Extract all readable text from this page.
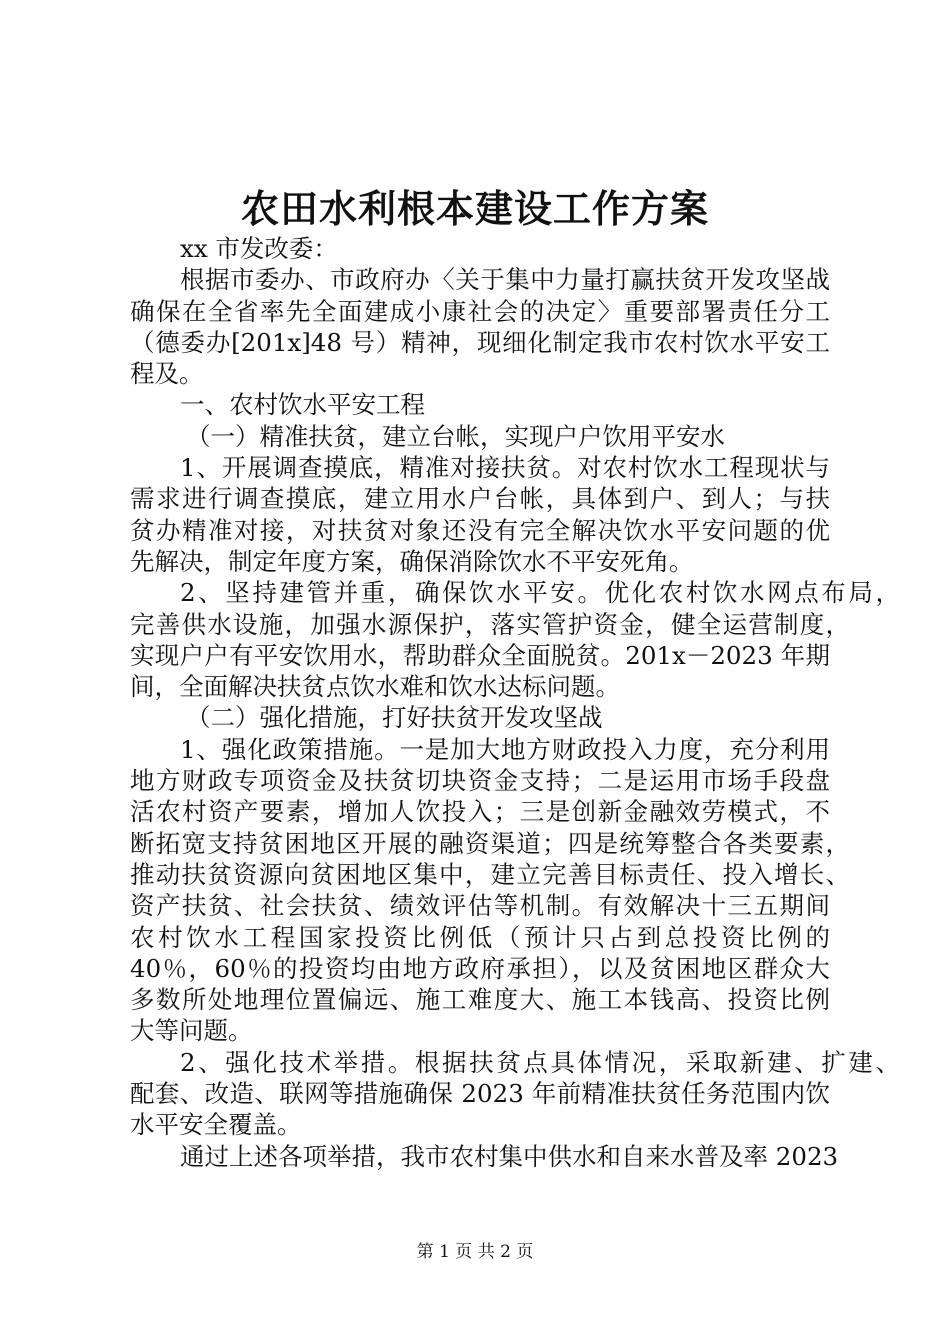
农田水利根本建设工作方案
xx 市发改委：
根据市委办、市政府办〈关于集中力量打赢扶贫开发攻坚战
确保在全省率先全面建成小康社会的决定〉重要部署责任分工
（德委办[201x]48 号）精神，现细化制定我市农村饮水平安工
程及。
一、农村饮水平安工程
（一）精准扶贫，建立台帐，实现户户饮用平安水
1、开展调查摸底，精准对接扶贫。对农村饮水工程现状与
需求进行调查摸底，建立用水户台帐，具体到户、到人；与扶
贫办精准对接，对扶贫对象还没有完全解决饮水平安问题的优
先解决，制定年度方案，确保消除饮水不平安死角。
2、坚持建管并重，确保饮水平安。优化农村饮水网点布局，
完善供水设施，加强水源保护，落实管护资金，健全运营制度，
实现户户有平安饮用水，帮助群众全面脱贫。201x－2023 年期
间，全面解决扶贫点饮水难和饮水达标问题。
（二）强化措施，打好扶贫开发攻坚战
1、强化政策措施。一是加大地方财政投入力度，充分利用
地方财政专项资金及扶贫切块资金支持；二是运用市场手段盘
活农村资产要素，增加人饮投入；三是创新金融效劳模式，不
断拓宽支持贫困地区开展的融资渠道；四是统筹整合各类要素，
推动扶贫资源向贫困地区集中，建立完善目标责任、投入增长、
资产扶贫、社会扶贫、绩效评估等机制。有效解决十三五期间
农村饮水工程国家投资比例低（预计只占到总投资比例的
40％，60％的投资均由地方政府承担），以及贫困地区群众大
多数所处地理位置偏远、施工难度大、施工本钱高、投资比例
大等问题。
2、强化技术举措。根据扶贫点具体情况，采取新建、扩建、
配套、改造、联网等措施确保 2023 年前精准扶贫任务范围内饮
水平安全覆盖。
通过上述各项举措，我市农村集中供水和自来水普及率 2023
第 1 页 共 2 页
